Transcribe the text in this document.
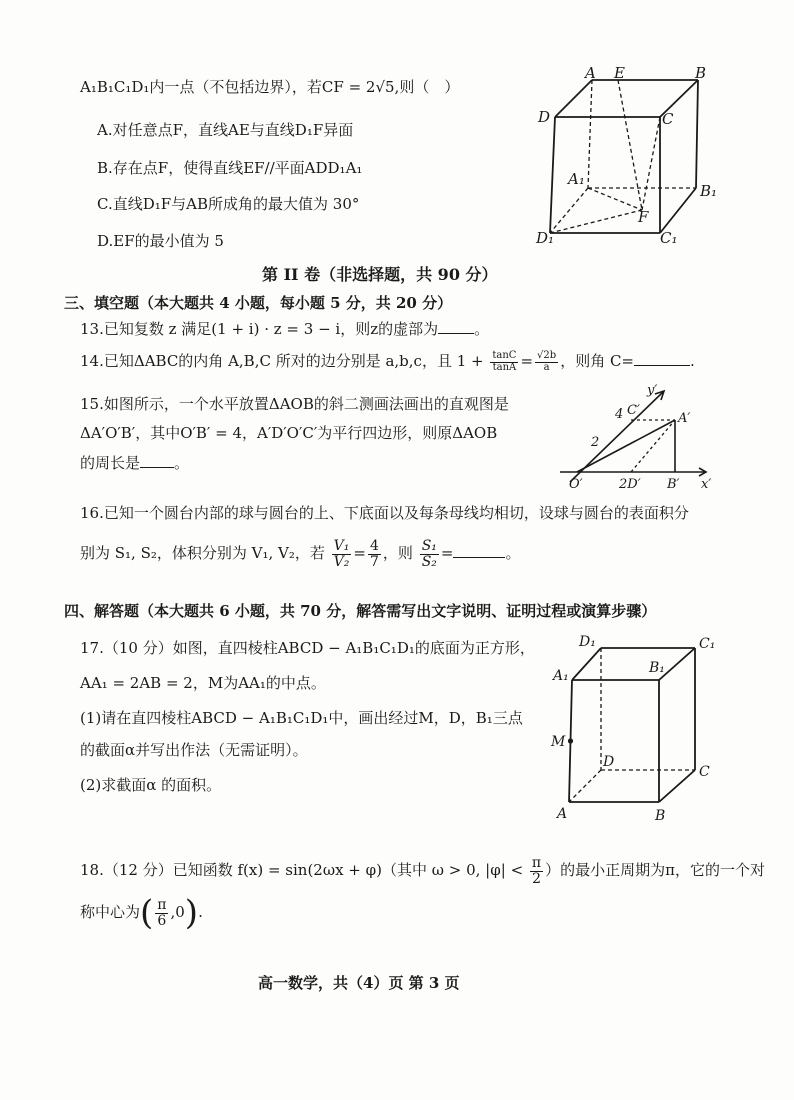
A₁B₁C₁D₁内一点（不包括边界），若CF = 2√5,则（　）
A.对任意点F，直线AE与直线D₁F异面
B.存在点F，使得直线EF//平面ADD₁A₁
C.直线D₁F与AB所成角的最大值为 30°
D.EF的最小值为 5
A E	B
D	C
A₁
B₁
D₁	C₁
F
第 II 卷（非选择题，共 90 分）
三、填空题（本大题共 4 小题，每小题 5 分，共 20 分）
13.已知复数 z 满足(1 + i) · z = 3 − i，则z的虚部为 。
14.已知ΔABC的内角 A,B,C 所对的边分别是 a,b,c，且 $1 + \frac{\tan C}{\tan A} = \frac{√2b}{a}$ ，则角 C=	.
15.如图所示，一个水平放置ΔAOB的斜二测画法画出的直观图是
ΔA′O′B′，其中O′B′ = 4，A′D′O′C′为平行四边形，则原ΔAOB
的周长是 。
y′
C′
4
2
A′
O′	2D′ B′ x′
16.已知一个圆台内部的球与圆台的上、下底面以及每条母线均相切，设球与圆台的表面积分
别为 S₁, S₂，体积分别为 V₁, V₂，若 $\frac{\text{V₁}}{\text{V₂}} = \frac{4}{7}$ ，则 $\frac{\text{S₁}}{\text{S₂}}$ =	。
四、解答题（本大题共 6 小题，共 70 分，解答需写出文字说明、证明过程或演算步骤）
17.（10 分）如图，直四棱柱ABCD − A₁B₁C₁D₁的底面为正方形，
AA₁ = 2AB = 2，M为AA₁的中点。
(1)请在直四棱柱ABCD − A₁B₁C₁D₁中，画出经过M，D，B₁三点
的截面α并写出作法（无需证明）。
(2)求截面α 的面积。
D₁	C₁
A₁	B₁
M
D
C
A	B
18.（12 分）已知函数 f(x) = sin(2ωx + φ)（其中 ω > 0, $|\varphi| < \frac{\pi}{2}$ ）的最小正周期为π，它的一个对
称中心为( $\frac{\pi}{6} ,0$).
高一数学，共（4）页 第 3 页
